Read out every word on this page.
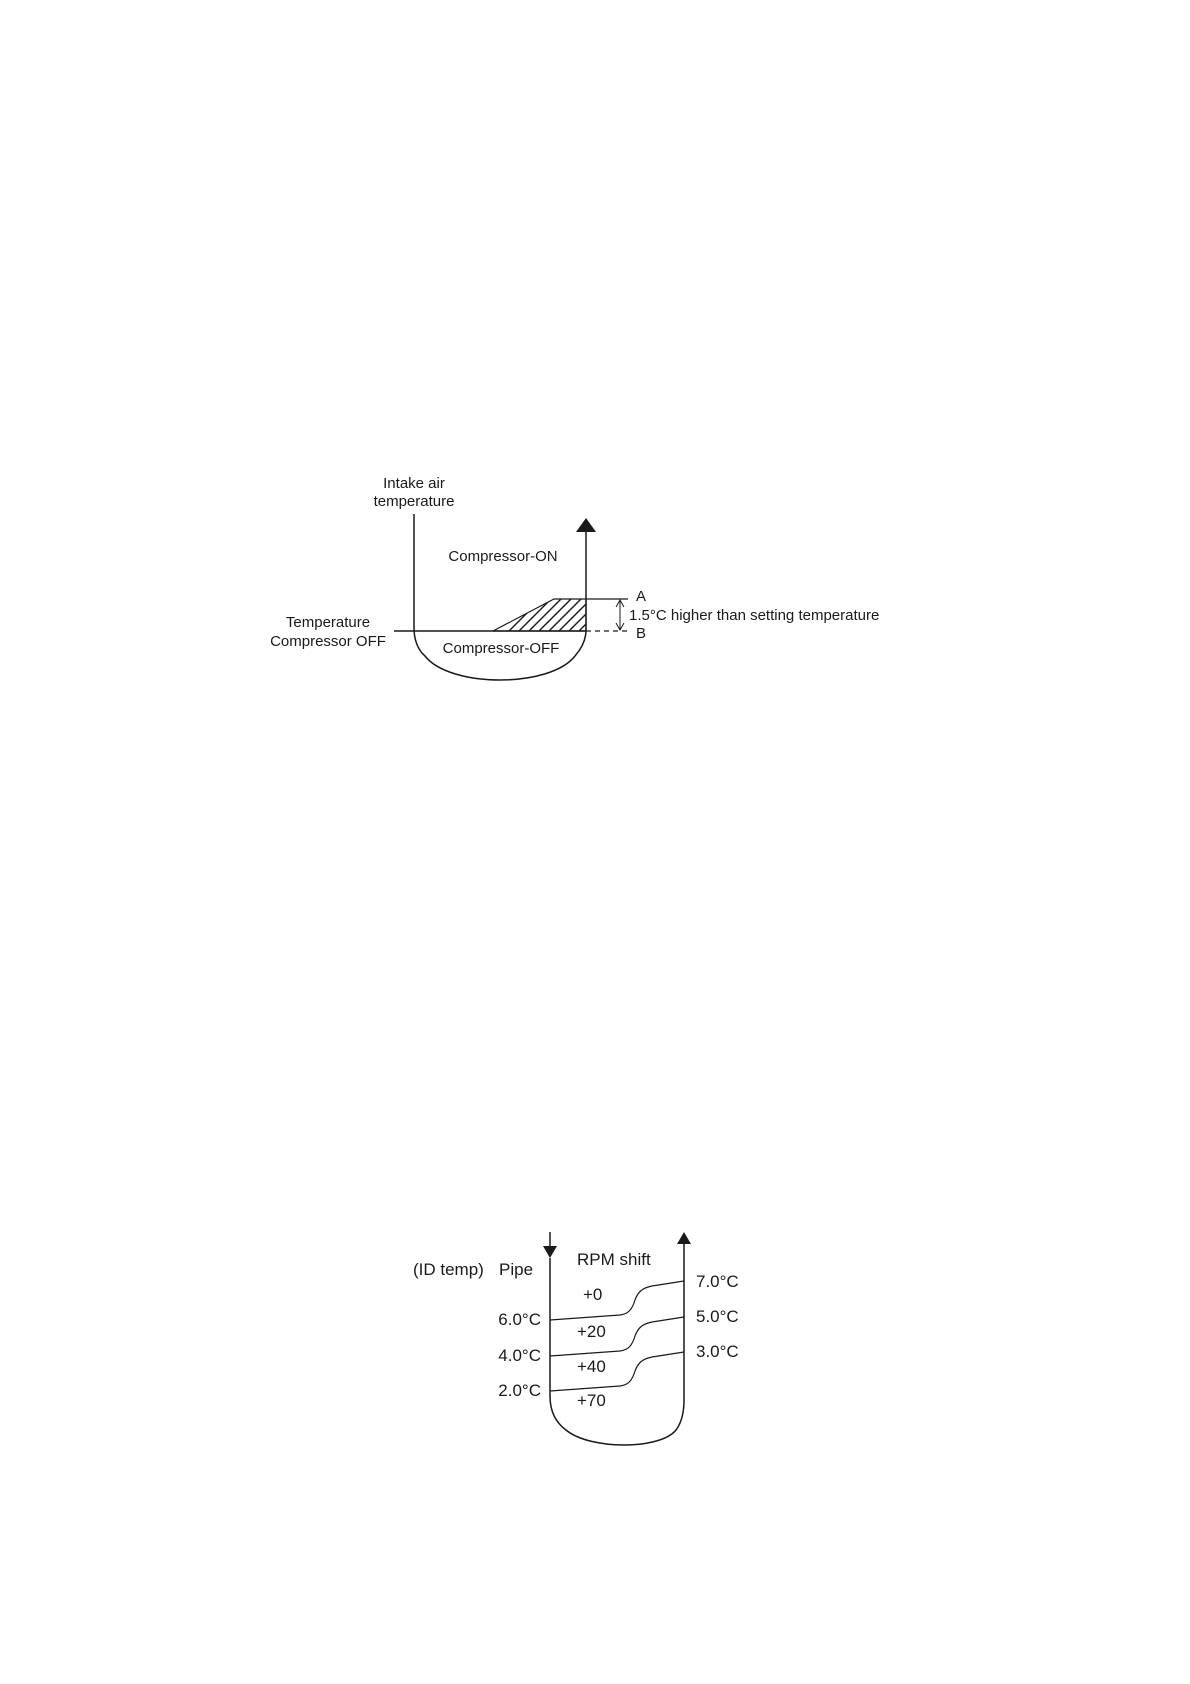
Intake air
temperature
Compressor-ON
A
B
1.5°C higher than setting temperature
Temperature
Compressor OFF	Compressor-OFF
(ID temp) Pipe
RPM shift
6.0°C
4.0°C
2.0°C
7.0°C
5.0°C
3.0°C
+0
+20
+40
+70
